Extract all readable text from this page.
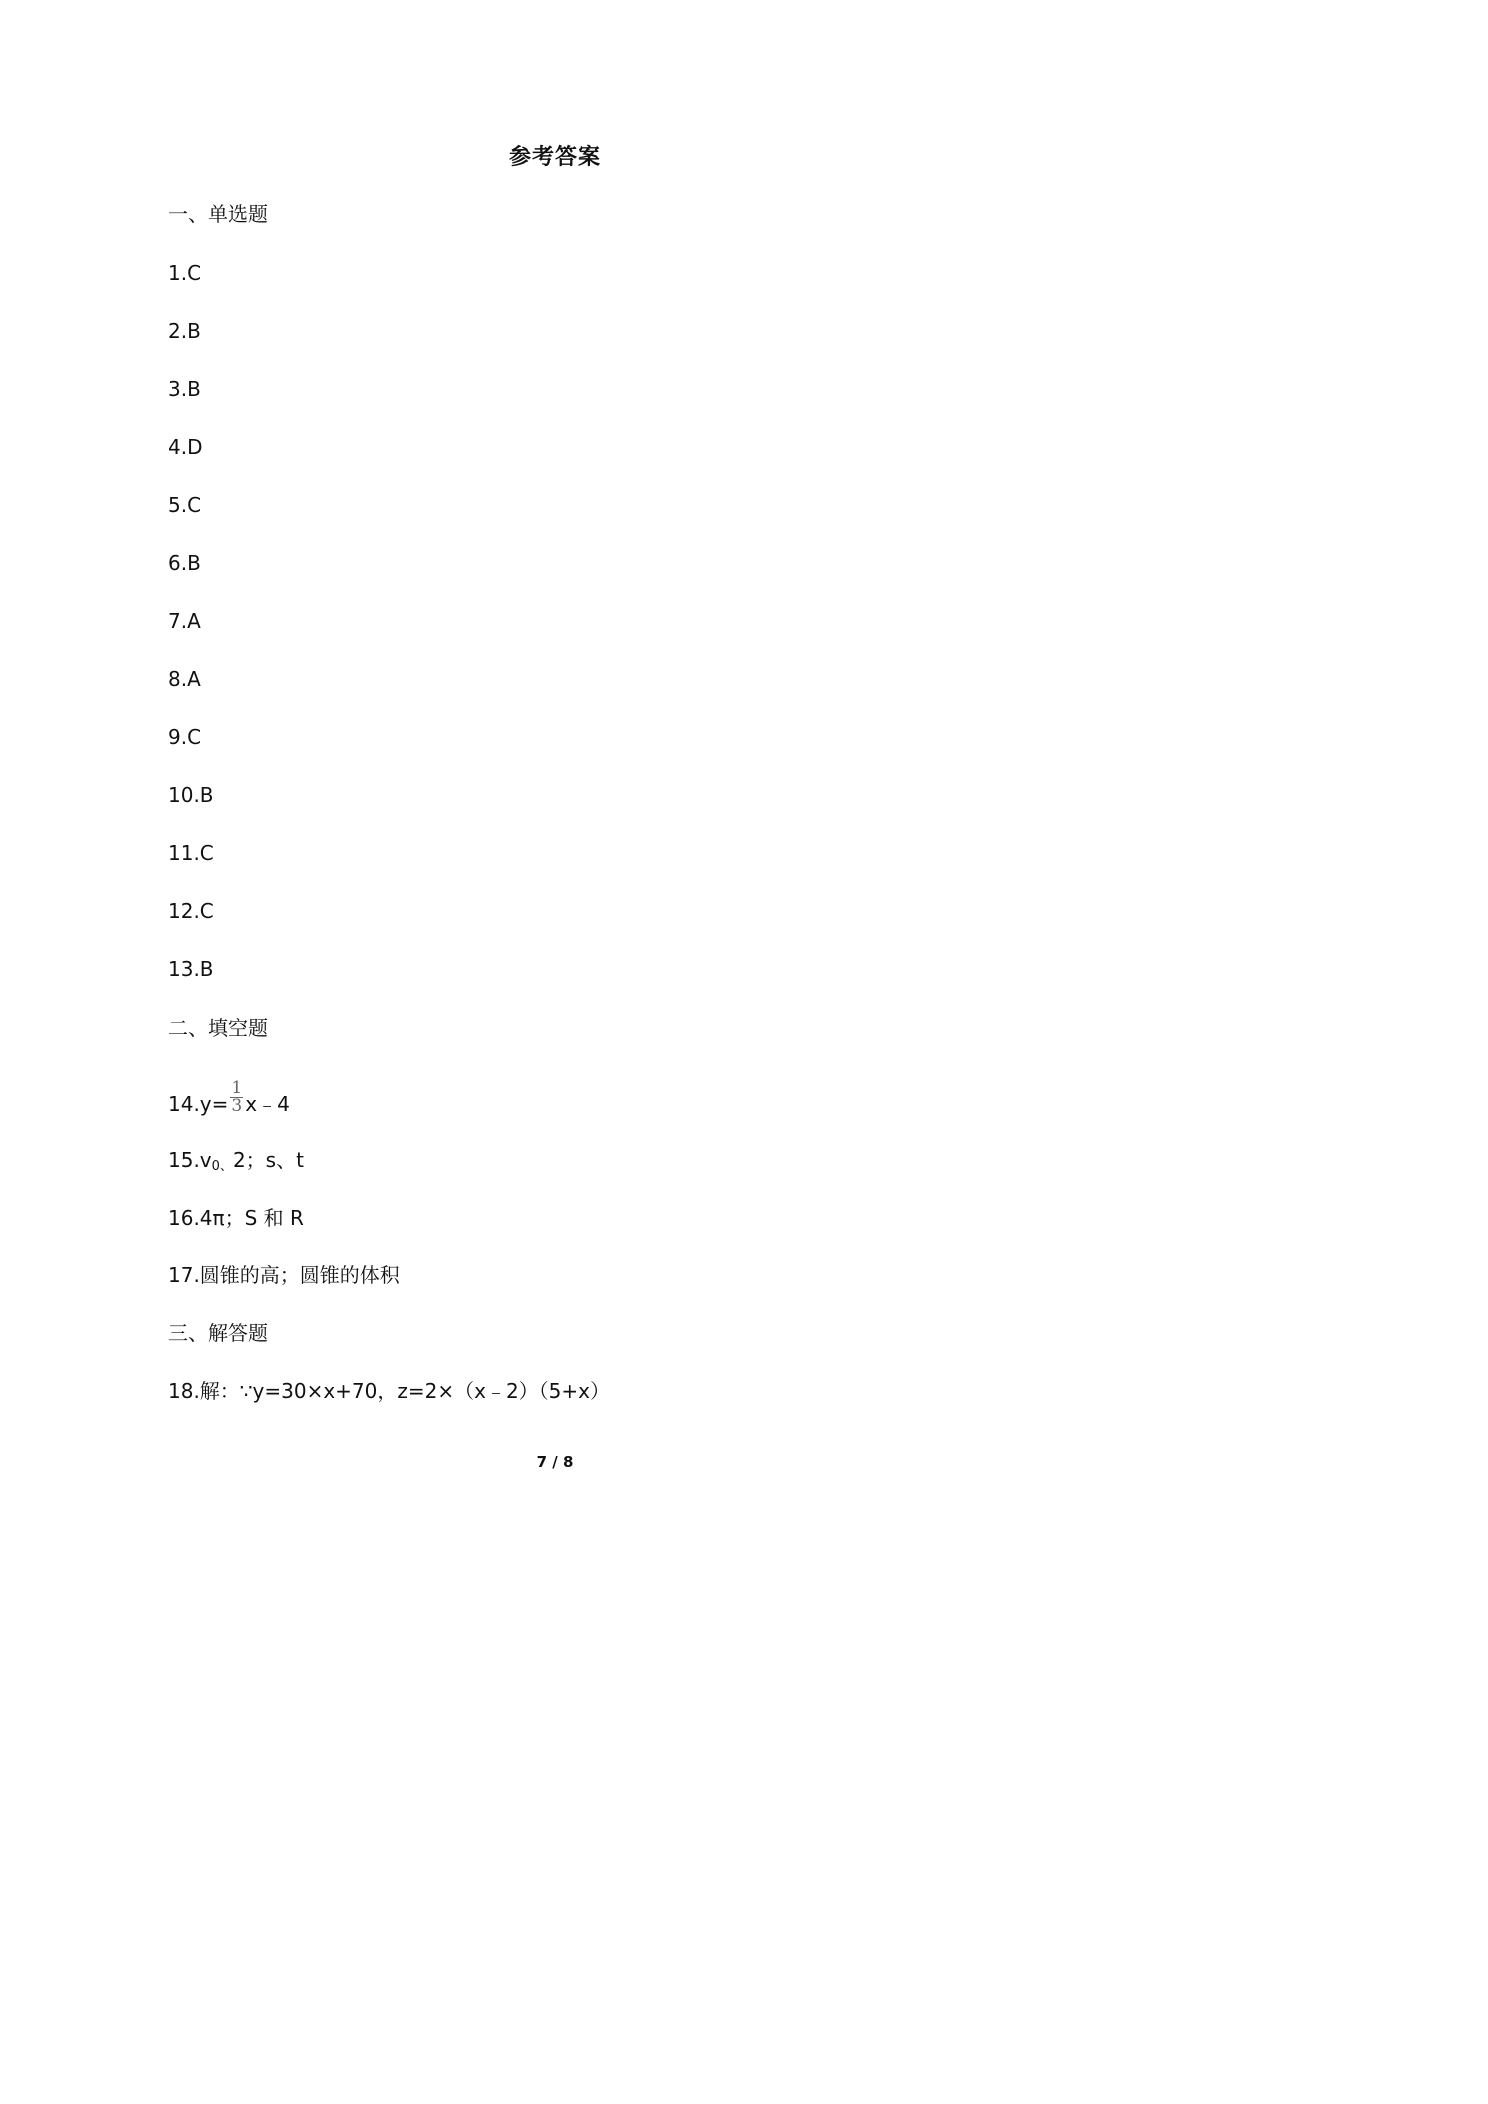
参考答案
一、单选题
1.C
2.B
3.B
4.D
5.C
6.B
7.A
8.A
9.C
10.B
11.C
12.C
13.B
二、填空题
$14.y= \frac{1}{3}$ x﹣4
$15.v_{0、}2$；s、t
16.4π；S 和 R
17.圆锥的高；圆锥的体积
三、解答题
18.解：∵y=30×x+70，z=2×（x﹣2）（5+x）
7 / 8
